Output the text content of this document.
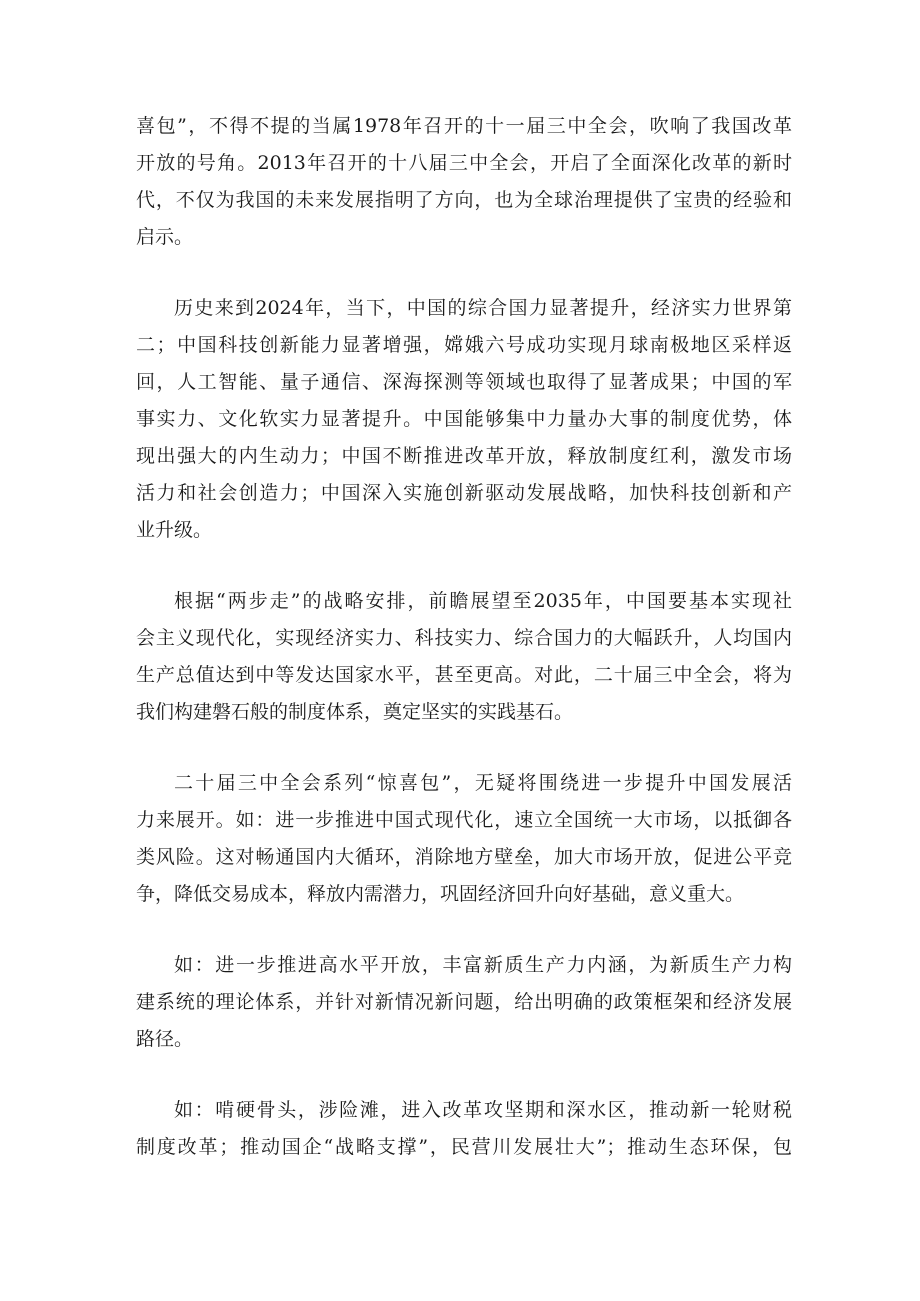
喜包”，不得不提的当属1978年召开的十一届三中全会，吹响了我国改革
开放的号角。2013年召开的十八届三中全会，开启了全面深化改革的新时
代，不仅为我国的未来发展指明了方向，也为全球治理提供了宝贵的经验和
启示。
历史来到2024年，当下，中国的综合国力显著提升，经济实力世界第
二；中国科技创新能力显著增强，嫦娥六号成功实现月球南极地区采样返
回，人工智能、量子通信、深海探测等领域也取得了显著成果；中国的军
事实力、文化软实力显著提升。中国能够集中力量办大事的制度优势，体
现出强大的内生动力；中国不断推进改革开放，释放制度红利，激发市场
活力和社会创造力；中国深入实施创新驱动发展战略，加快科技创新和产
业升级。
根据“两步走”的战略安排，前瞻展望至2035年，中国要基本实现社
会主义现代化，实现经济实力、科技实力、综合国力的大幅跃升，人均国内
生产总值达到中等发达国家水平，甚至更高。对此，二十届三中全会，将为
我们构建磐石般的制度体系，奠定坚实的实践基石。
二十届三中全会系列“惊喜包”，无疑将围绕进一步提升中国发展活
力来展开。如：进一步推进中国式现代化，速立全国统一大市场，以抵御各
类风险。这对畅通国内大循环，消除地方壁垒，加大市场开放，促进公平竞
争，降低交易成本，释放内需潜力，巩固经济回升向好基础，意义重大。
如：进一步推进高水平开放，丰富新质生产力内涵，为新质生产力构
建系统的理论体系，并针对新情况新问题，给出明确的政策框架和经济发展
路径。
如：啃硬骨头，涉险滩，进入改革攻坚期和深水区，推动新一轮财税
制度改革；推动国企“战略支撑”，民营川发展壮大”；推动生态环保，包
